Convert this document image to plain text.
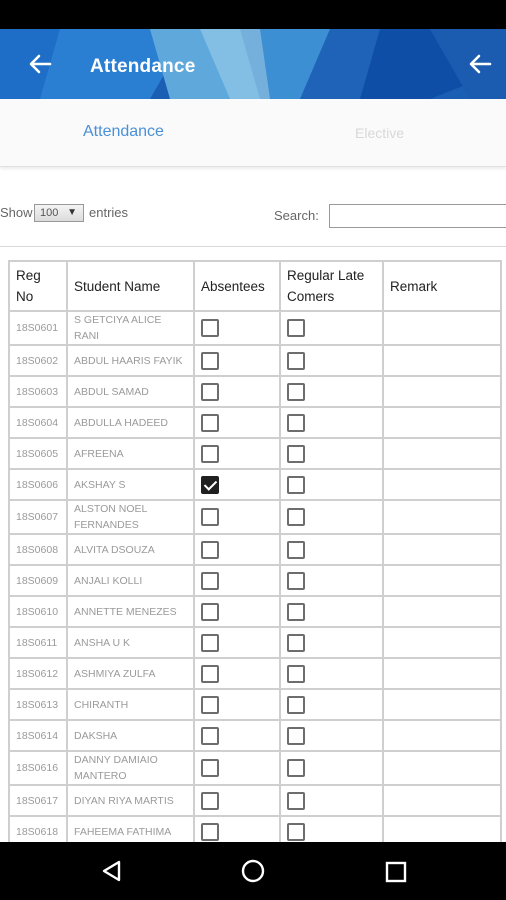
Attendance
Attendance	Elective
Show 100 ▼ entries	Search:
Reg No	Student Name	Absentees	Regular Late Comers	Remark
18S0601	S GETCIYA ALICE RANI	

18S0602	ABDUL HAARIS FAYIK	

18S0603	ABDUL SAMAD	

18S0604	ABDULLA HADEED	

18S0605	AFREENA	

18S0606	AKSHAY S	

18S0607	ALSTON NOEL FERNANDES	

18S0608	ALVITA DSOUZA	

18S0609	ANJALI KOLLI	

18S0610	ANNETTE MENEZES	

18S0611	ANSHA U K	

18S0612	ASHMIYA ZULFA	

18S0613	CHIRANTH	

18S0614	DAKSHA	

18S0616	DANNY DAMIAIO MANTERO	

18S0617	DIYAN RIYA MARTIS	

18S0618	FAHEEMA FATHIMA	
